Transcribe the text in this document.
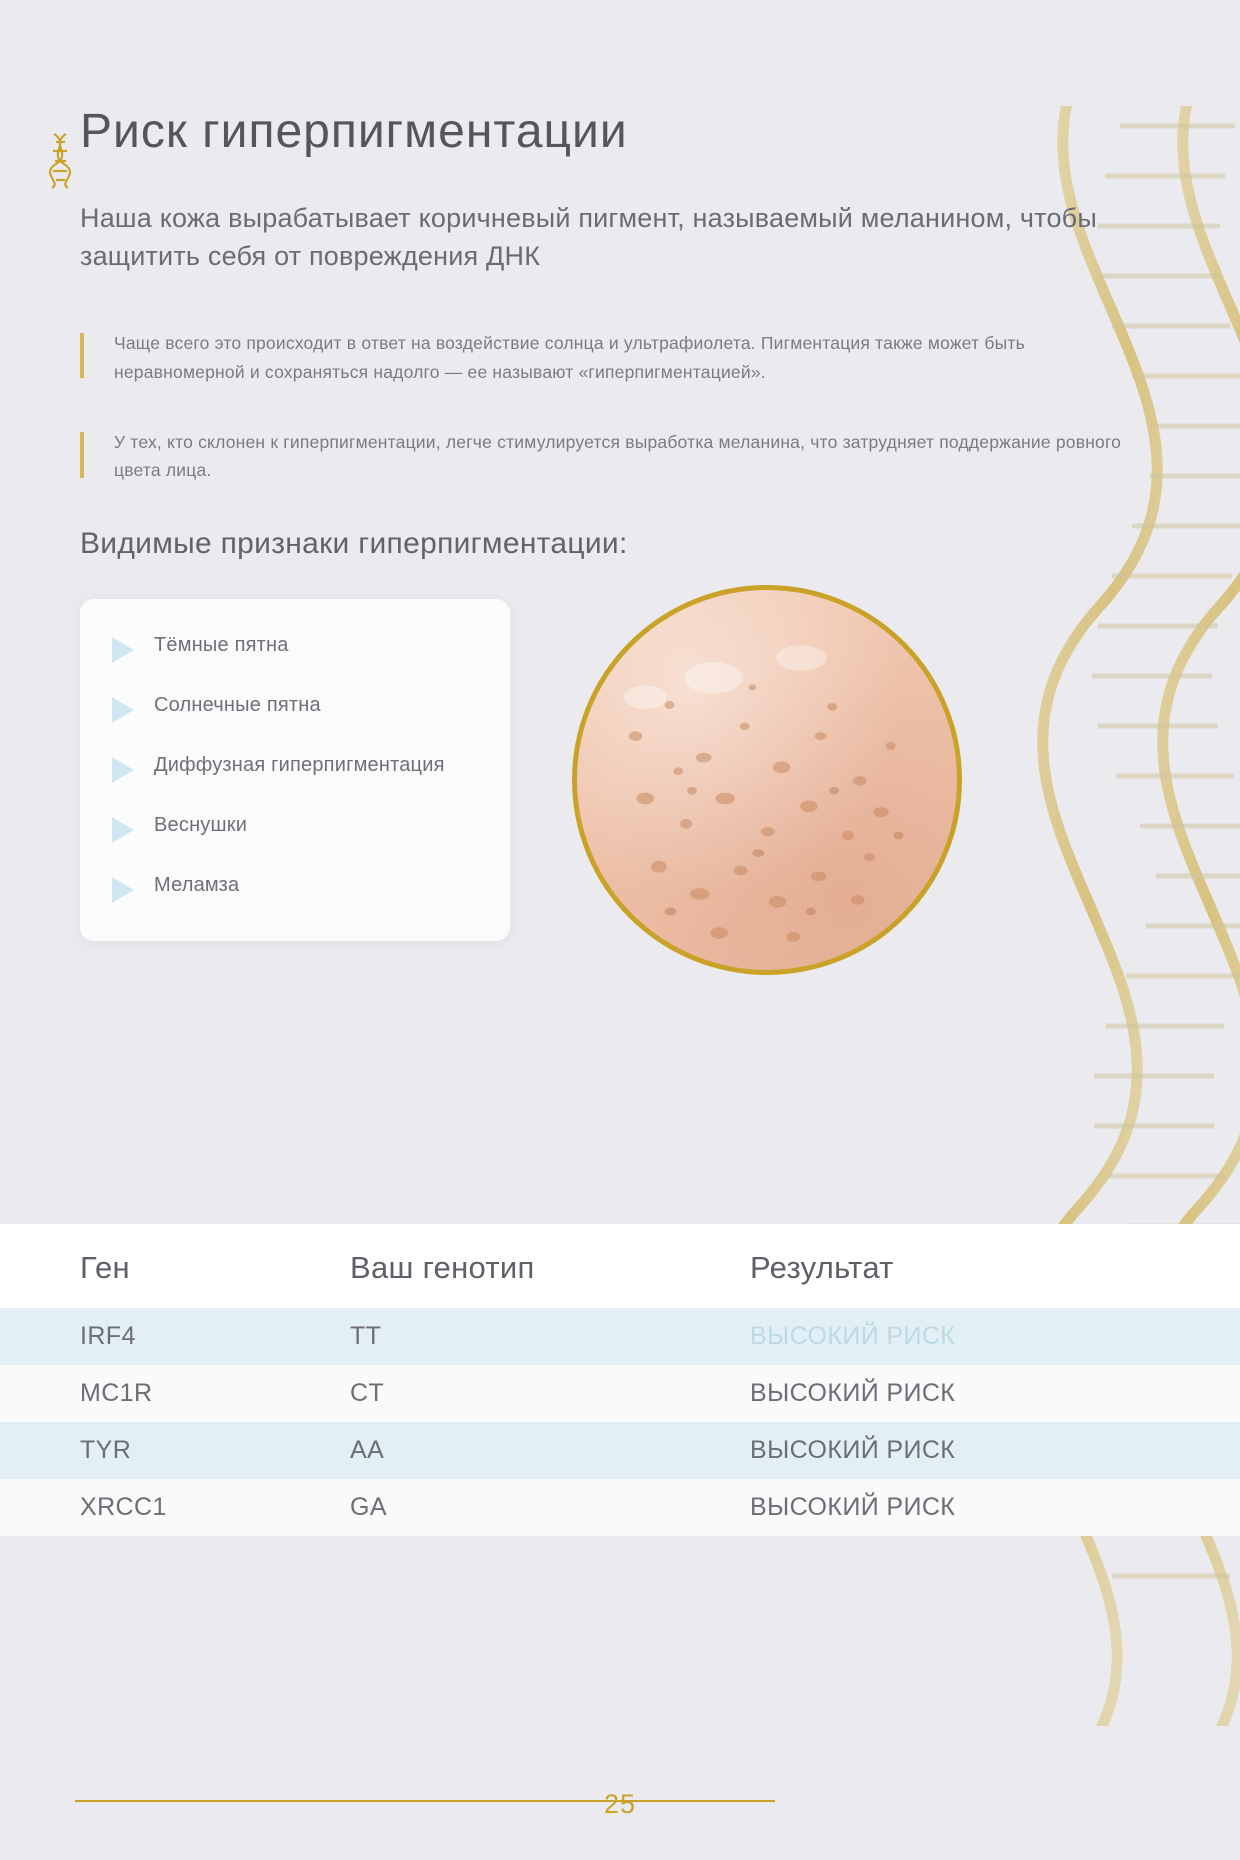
Риск гиперпигментации

Наша кожа вырабатывает коричневый пигмент, называемый меланином, чтобы защитить себя от повреждения ДНК

Чаще всего это происходит в ответ на воздействие солнца и ультрафиолета. Пигментация также может быть неравномерной и сохраняться надолго — ее называют «гиперпигментацией».

У тех, кто склонен к гиперпигментации, легче стимулируется выработка меланина, что затрудняет поддержание ровного цвета лица.

Видимые признаки гиперпигментации:
Тёмные пятна
Солнечные пятна
Диффузная гиперпигментация
Веснушки
Меламза
Ген	Ваш генотип	Результат
IRF4	TT	ВЫСОКИЙ РИСК
MC1R	CT	ВЫСОКИЙ РИСК
TYR	AA	ВЫСОКИЙ РИСК
XRCC1	GA	ВЫСОКИЙ РИСК
25
